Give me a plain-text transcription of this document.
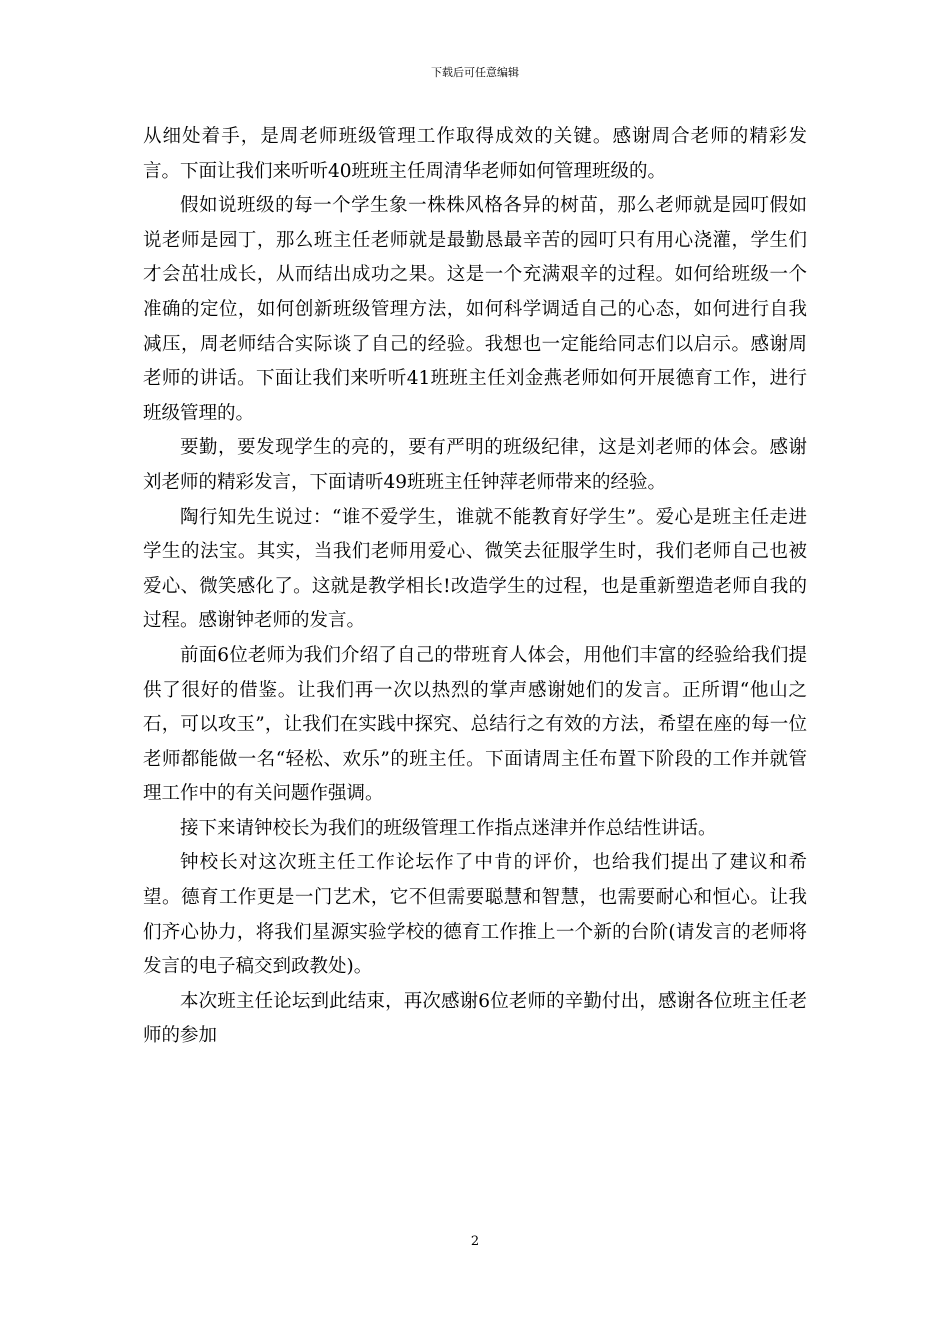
下载后可任意编辑

从细处着手，是周老师班级管理工作取得成效的关键。感谢周合老师的精彩发言。下面让我们来听听40班班主任周清华老师如何管理班级的。

假如说班级的每一个学生象一株株风格各异的树苗，那么老师就是园叮假如说老师是园丁，那么班主任老师就是最勤恳最辛苦的园叮只有用心浇灌，学生们才会茁壮成长，从而结出成功之果。这是一个充满艰辛的过程。如何给班级一个准确的定位，如何创新班级管理方法，如何科学调适自己的心态，如何进行自我减压，周老师结合实际谈了自己的经验。我想也一定能给同志们以启示。感谢周老师的讲话。下面让我们来听听41班班主任刘金燕老师如何开展德育工作，进行班级管理的。

要勤，要发现学生的亮的，要有严明的班级纪律，这是刘老师的体会。感谢刘老师的精彩发言，下面请听49班班主任钟萍老师带来的经验。

陶行知先生说过：“谁不爱学生，谁就不能教育好学生”。爱心是班主任走进学生的法宝。其实，当我们老师用爱心、微笑去征服学生时，我们老师自己也被爱心、微笑感化了。这就是教学相长!改造学生的过程，也是重新塑造老师自我的过程。感谢钟老师的发言。

前面6位老师为我们介绍了自己的带班育人体会，用他们丰富的经验给我们提供了很好的借鉴。让我们再一次以热烈的掌声感谢她们的发言。正所谓“他山之石，可以攻玉”，让我们在实践中探究、总结行之有效的方法，希望在座的每一位老师都能做一名“轻松、欢乐”的班主任。下面请周主任布置下阶段的工作并就管理工作中的有关问题作强调。

接下来请钟校长为我们的班级管理工作指点迷津并作总结性讲话。

钟校长对这次班主任工作论坛作了中肯的评价，也给我们提出了建议和希望。德育工作更是一门艺术，它不但需要聪慧和智慧，也需要耐心和恒心。让我们齐心协力，将我们星源实验学校的德育工作推上一个新的台阶(请发言的老师将发言的电子稿交到政教处)。

本次班主任论坛到此结束，再次感谢6位老师的辛勤付出，感谢各位班主任老师的参加

2
